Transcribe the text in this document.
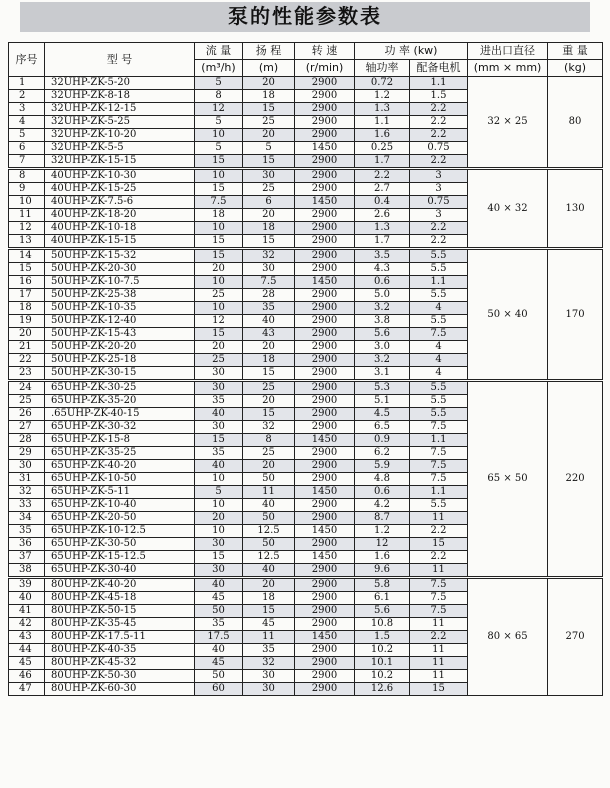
泵的性能参数表
序号	型 号	流 量	扬 程	转 速	功 率 (kw)		进出口直径	重 量
		(m³/h)	(m)	(r/min)	轴功率	配备电机	(mm × mm)	(kg)
1	32UHP-ZK-5-20	5	20	2900	0.72	1.1	32 × 25	80
2	32UHP-ZK-8-18	8	18	2900	1.2	1.5		
3	32UHP-ZK-12-15	12	15	2900	1.3	2.2		
4	32UHP-ZK-5-25	5	25	2900	1.1	2.2		
5	32UHP-ZK-10-20	10	20	2900	1.6	2.2		
6	32UHP-ZK-5-5	5	5	1450	0.25	0.75		
7	32UHP-ZK-15-15	15	15	2900	1.7	2.2		
8	40UHP-ZK-10-30	10	30	2900	2.2	3	40 × 32	130
9	40UHP-ZK-15-25	15	25	2900	2.7	3		
10	40UHP-ZK-7.5-6	7.5	6	1450	0.4	0.75		
11	40UHP-ZK-18-20	18	20	2900	2.6	3		
12	40UHP-ZK-10-18	10	18	2900	1.3	2.2		
13	40UHP-ZK-15-15	15	15	2900	1.7	2.2		
14	50UHP-ZK-15-32	15	32	2900	3.5	5.5	50 × 40	170
15	50UHP-ZK-20-30	20	30	2900	4.3	5.5		
16	50UHP-ZK-10-7.5	10	7.5	1450	0.6	1.1		
17	50UHP-ZK-25-38	25	28	2900	5.0	5.5		
18	50UHP-ZK-10-35	10	35	2900	3.2	4		
19	50UHP-ZK-12-40	12	40	2900	3.8	5.5		
20	50UHP-ZK-15-43	15	43	2900	5.6	7.5		
21	50UHP-ZK-20-20	20	20	2900	3.0	4		
22	50UHP-ZK-25-18	25	18	2900	3.2	4		
23	50UHP-ZK-30-15	30	15	2900	3.1	4		
24	65UHP-ZK-30-25	30	25	2900	5.3	5.5	65 × 50	220
25	65UHP-ZK-35-20	35	20	2900	5.1	5.5		
26	.65UHP-ZK-40-15	40	15	2900	4.5	5.5		
27	65UHP-ZK-30-32	30	32	2900	6.5	7.5		
28	65UHP-ZK-15-8	15	8	1450	0.9	1.1		
29	65UHP-ZK-35-25	35	25	2900	6.2	7.5		
30	65UHP-ZK-40-20	40	20	2900	5.9	7.5		
31	65UHP-ZK-10-50	10	50	2900	4.8	7.5		
32	65UHP-ZK-5-11	5	11	1450	0.6	1.1		
33	65UHP-ZK-10-40	10	40	2900	4.2	5.5		
34	65UHP-ZK-20-50	20	50	2900	8.7	11		
35	65UHP-ZK-10-12.5	10	12.5	1450	1.2	2.2		
36	65UHP-ZK-30-50	30	50	2900	12	15		
37	65UHP-ZK-15-12.5	15	12.5	1450	1.6	2.2		
38	65UHP-ZK-30-40	30	40	2900	9.6	11		
39	80UHP-ZK-40-20	40	20	2900	5.8	7.5	80 × 65	270
40	80UHP-ZK-45-18	45	18	2900	6.1	7.5		
41	80UHP-ZK-50-15	50	15	2900	5.6	7.5		
42	80UHP-ZK-35-45	35	45	2900	10.8	11		
43	80UHP-ZK-17.5-11	17.5	11	1450	1.5	2.2		
44	80UHP-ZK-40-35	40	35	2900	10.2	11		
45	80UHP-ZK-45-32	45	32	2900	10.1	11		
46	80UHP-ZK-50-30	50	30	2900	10.2	11		
47	80UHP-ZK-60-30	60	30	2900	12.6	15		
